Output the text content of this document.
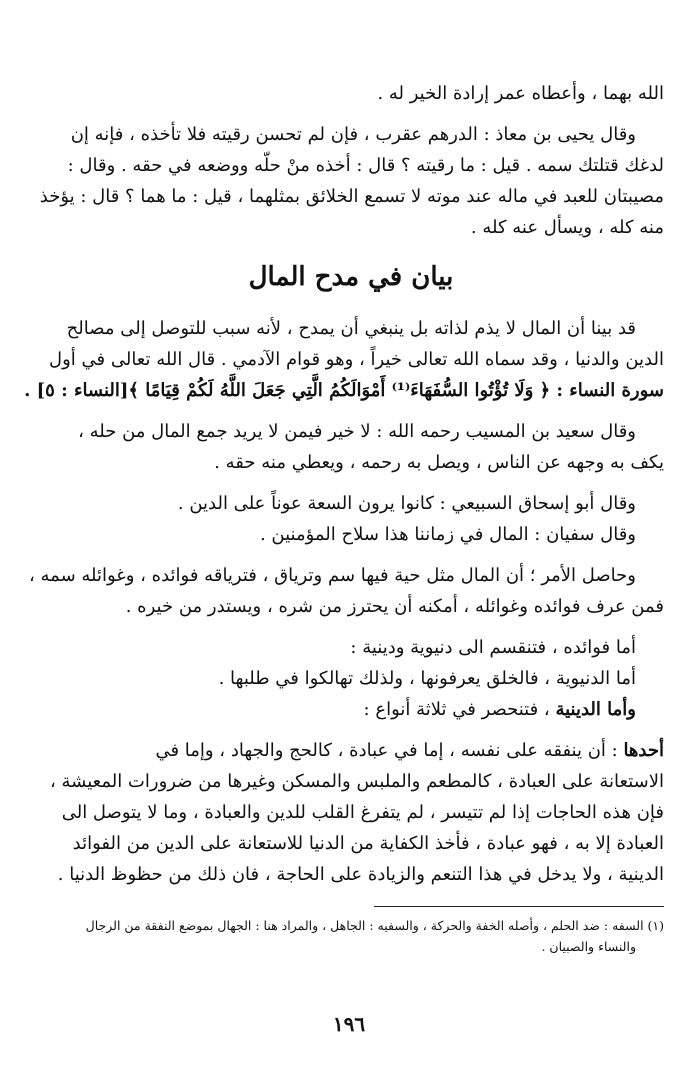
الله بهما ، وأعطاه عمر إرادة الخير له .
وقال يحيى بن معاذ : الدرهم عقرب ، فإن لم تحسن رقيته فلا تأخذه ، فإنه إن
لدغك قتلتك سمه . قيل : ما رقيته ؟ قال : أخذه منْ حلّه ووضعه في حقه . وقال :
مصيبتان للعبد في ماله عند موته لا تسمع الخلائق بمثلهما ، قيل : ما هما ؟ قال : يؤخذ
منه كله ، ويسأل عنه كله .
بيان في مدح المال
قد بينا أن المال لا يذم لذاته بل ينبغي أن يمدح ، لأنه سبب للتوصل إلى مصالح
الدين والدنيا ، وقد سماه الله تعالى خيراً ، وهو قوام الآدمي . قال الله تعالى في أول
سورة النساء : ﴿ وَلَا تُؤْتُوا السُّفَهَاءَ⁽¹⁾ أَمْوَالَكُمُ الَّتِي جَعَلَ اللَّهُ لَكُمْ قِيَامًا ﴾[النساء : ٥] .
وقال سعيد بن المسيب رحمه الله : لا خير فيمن لا يريد جمع المال من حله ،
يكف به وجهه عن الناس ، ويصل به رحمه ، ويعطي منه حقه .
وقال أبو إسحاق السبيعي : كانوا يرون السعة عوناً على الدين .
وقال سفيان : المال في زماننا هذا سلاح المؤمنين .
وحاصل الأمر ؛ أن المال مثل حية فيها سم وترياق ، فترياقه فوائده ، وغوائله سمه ،
فمن عرف فوائده وغوائله ، أمكنه أن يحترز من شره ، ويستدر من خيره .
أما فوائده ، فتنقسم الى دنيوية ودينية :
أما الدنيوية ، فالخلق يعرفونها ، ولذلك تهالكوا في طلبها .
وأما الدينية ، فتنحصر في ثلاثة أنواع :
أحدها : أن ينفقه على نفسه ، إما في عبادة ، كالحج والجهاد ، وإما في
الاستعانة على العبادة ، كالمطعم والملبس والمسكن وغيرها من ضرورات المعيشة ،
فإن هذه الحاجات إذا لم تتيسر ، لم يتفرغ القلب للدين والعبادة ، وما لا يتوصل الى
العبادة إلا به ، فهو عبادة ، فأخذ الكفاية من الدنيا للاستعانة على الدين من الفوائد
الدينية ، ولا يدخل في هذا التنعم والزيادة على الحاجة ، فان ذلك من حظوظ الدنيا .
(١) السفه : ضد الحلم ، وأصله الخفة والحركة ، والسفيه : الجاهل ، والمراد هنا : الجهال بموضع النفقة من الرجال
والنساء والصبيان .
١٩٦
